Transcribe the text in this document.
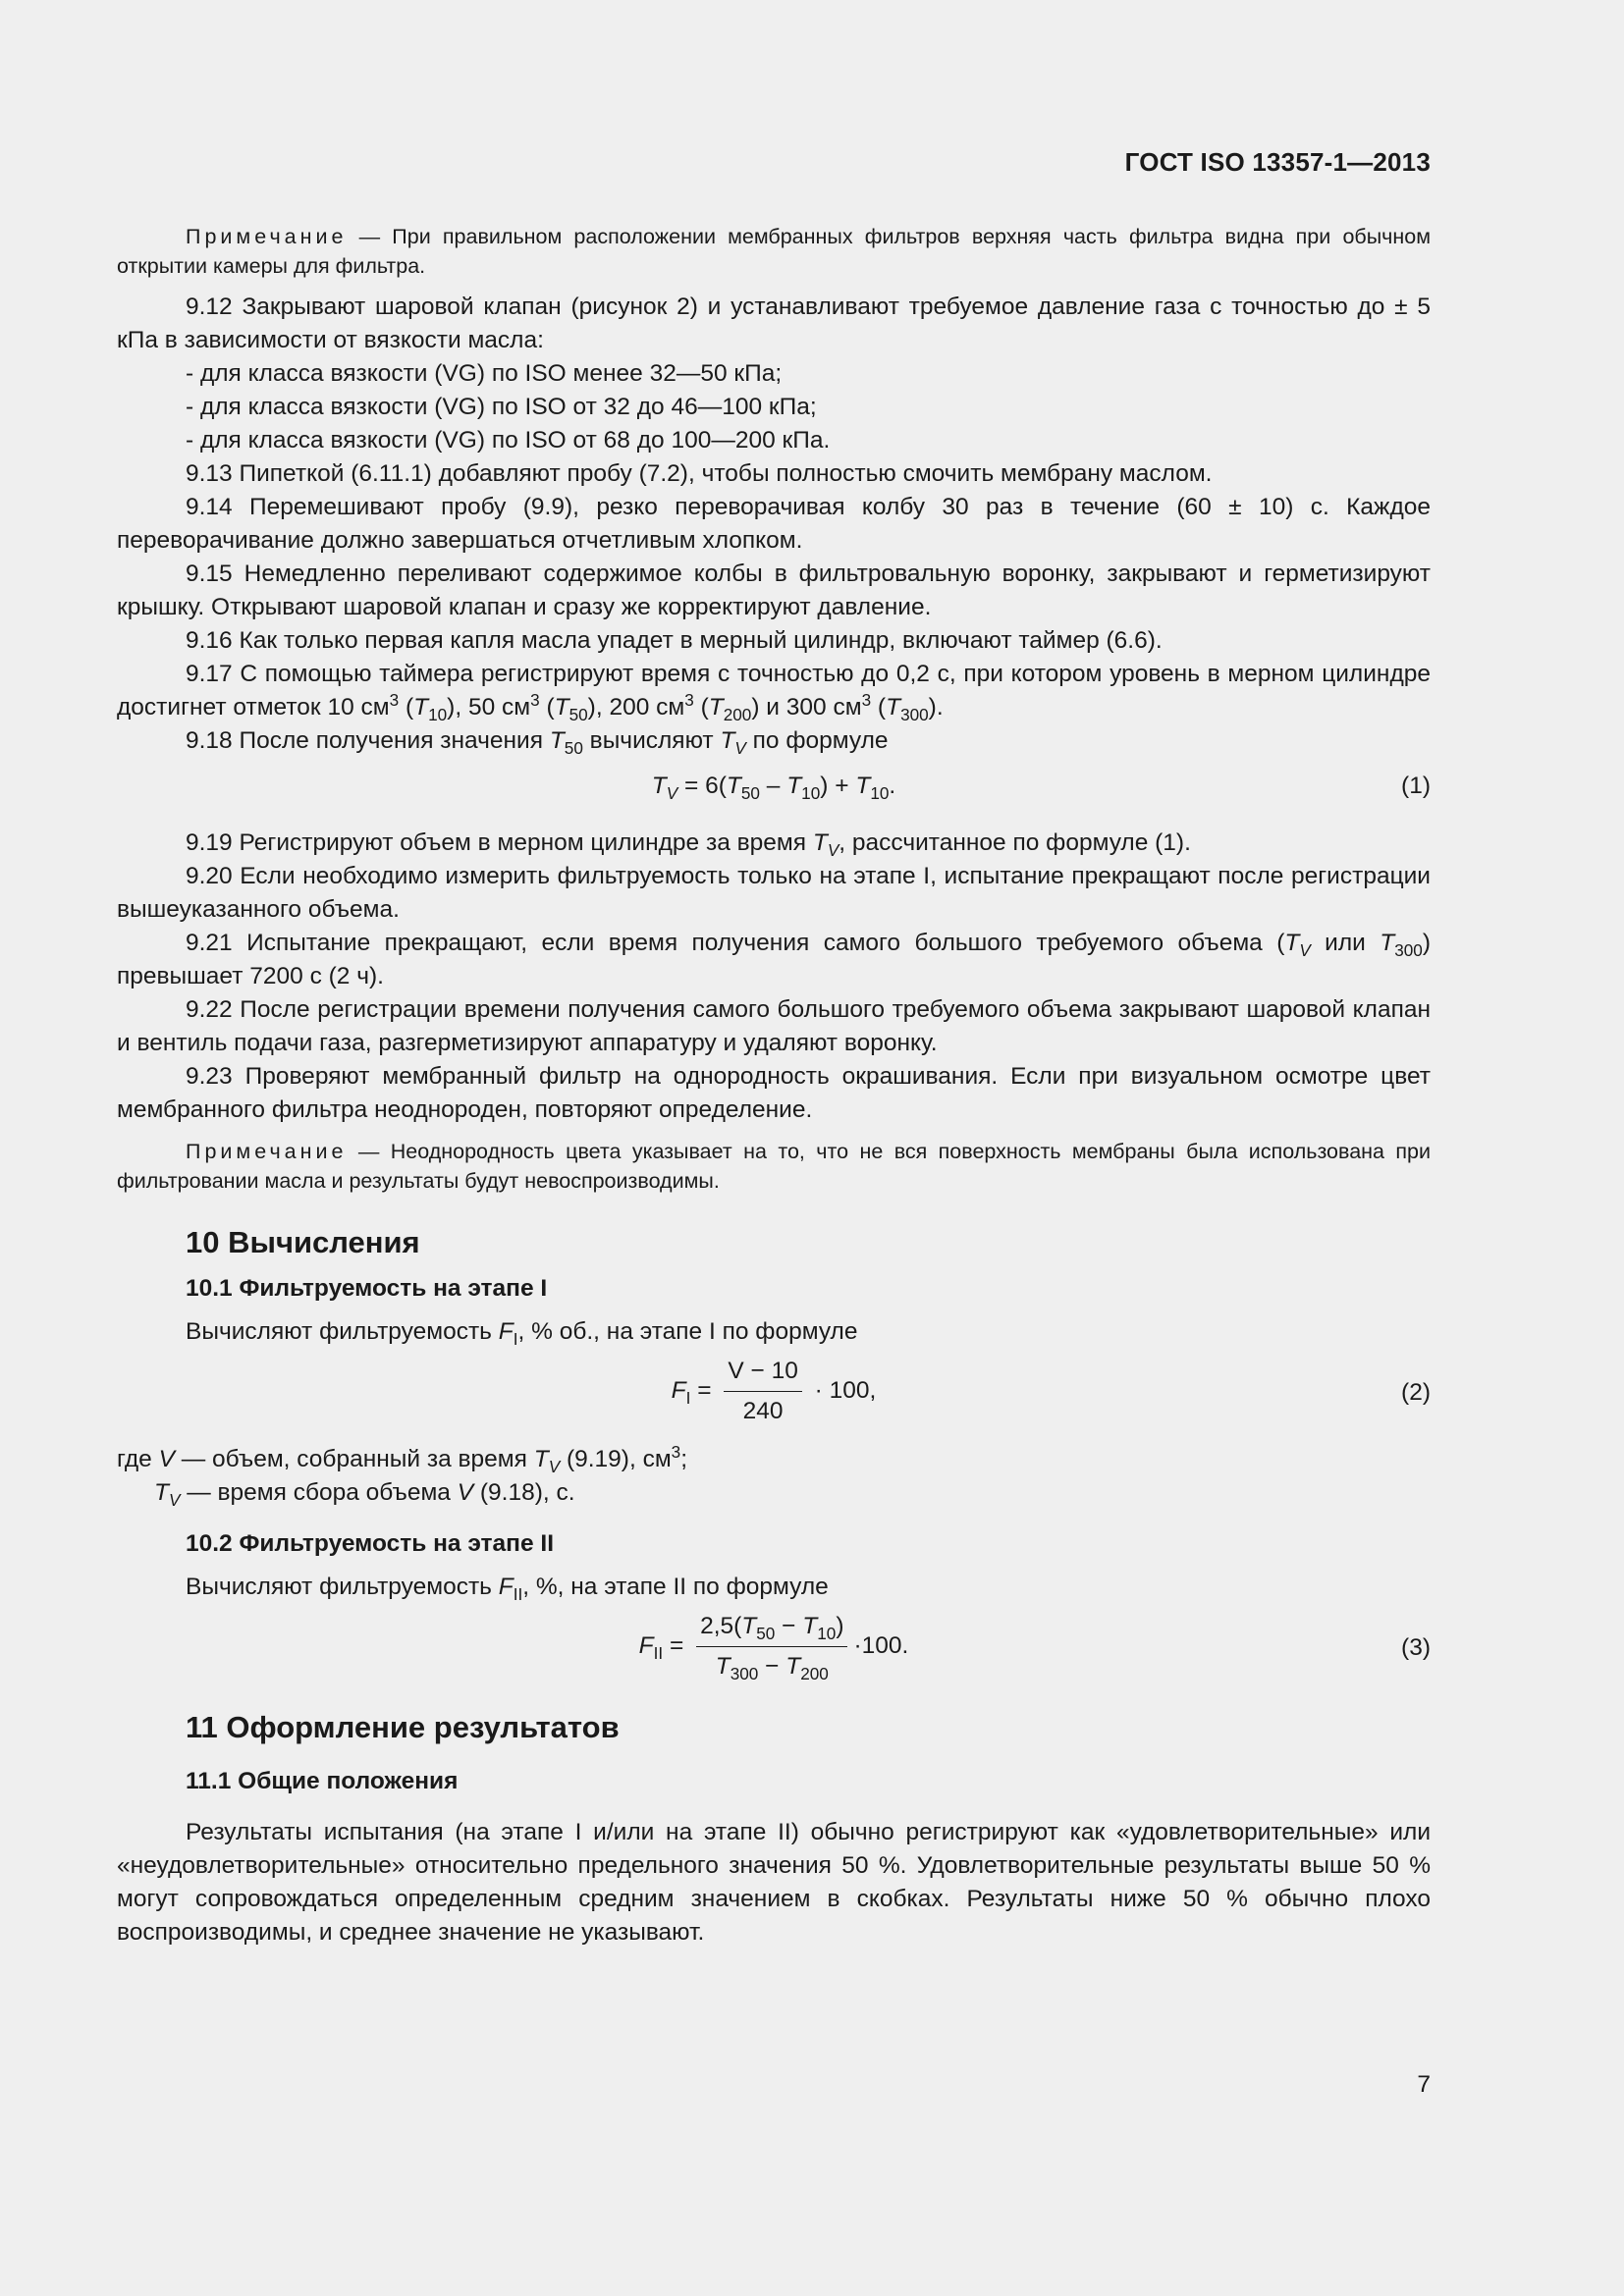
ГОСТ ISO 13357-1—2013

Примечание — При правильном расположении мембранных фильтров верхняя часть фильтра видна при обычном открытии камеры для фильтра.

9.12 Закрывают шаровой клапан (рисунок 2) и устанавливают требуемое давление газа с точностью до ± 5 кПа в зависимости от вязкости масла:

- для класса вязкости (VG) по ISO менее 32—50 кПа;

- для класса вязкости (VG) по ISO от 32 до 46—100 кПа;

- для класса вязкости (VG) по ISO от 68 до 100—200 кПа.

9.13 Пипеткой (6.11.1) добавляют пробу (7.2), чтобы полностью смочить мембрану маслом.

9.14 Перемешивают пробу (9.9), резко переворачивая колбу 30 раз в течение (60 ± 10) с. Каждое переворачивание должно завершаться отчетливым хлопком.

9.15 Немедленно переливают содержимое колбы в фильтровальную воронку, закрывают и герметизируют крышку. Открывают шаровой клапан и сразу же корректируют давление.

9.16 Как только первая капля масла упадет в мерный цилиндр, включают таймер (6.6).

9.17 С помощью таймера регистрируют время с точностью до 0,2 с, при котором уровень в мерном цилиндре достигнет отметок 10 $см^3$ $(T_{10})$, 50 $см^3$ $(T_{50})$, 200 $см^3$ $(T_{200})$ и 300 $см^3$ $(T_{300})$.

9.18 После получения значения $T_{50}$ вычисляют $T_V$ по формуле

$T_V = 6(T_{50} - T_{10}) + T_{10}$.	(1)

9.19 Регистрируют объем в мерном цилиндре за время $T_V$, рассчитанное по формуле (1).

9.20 Если необходимо измерить фильтруемость только на этапе I, испытание прекращают после регистрации вышеуказанного объема.

9.21 Испытание прекращают, если время получения самого большого требуемого объема ($T_V$ или $T_{300}$) превышает 7200 с (2 ч).

9.22 После регистрации времени получения самого большого требуемого объема закрывают шаровой клапан и вентиль подачи газа, разгерметизируют аппаратуру и удаляют воронку.

9.23 Проверяют мембранный фильтр на однородность окрашивания. Если при визуальном осмотре цвет мембранного фильтра неоднороден, повторяют определение.

Примечание — Неоднородность цвета указывает на то, что не вся поверхность мембраны была использована при фильтровании масла и результаты будут невоспроизводимы.

10 Вычисления
10.1 Фильтруемость на этапе I

Вычисляют фильтруемость $F_I$, % об., на этапе I по формуле

$F_I = \frac{V - 10}{240} \cdot 100$,	(2)

где V — объем, собранный за время $T_V$ (9.19), $см^3$;

$T_V$ — время сбора объема V (9.18), с.

10.2 Фильтруемость на этапе II

Вычисляют фильтруемость $F_{II}$, %, на этапе II по формуле

$F_{II} = \frac{2,5(T_{50} - T_{10})}{T_{300} - T_{200}} \cdot 100$.	(3)
11 Оформление результатов
11.1 Общие положения

Результаты испытания (на этапе I и/или на этапе II) обычно регистрируют как «удовлетворительные» или «неудовлетворительные» относительно предельного значения 50 %. Удовлетворительные результаты выше 50 % могут сопровождаться определенным средним значением в скобках. Результаты ниже 50 % обычно плохо воспроизводимы, и среднее значение не указывают.

7
